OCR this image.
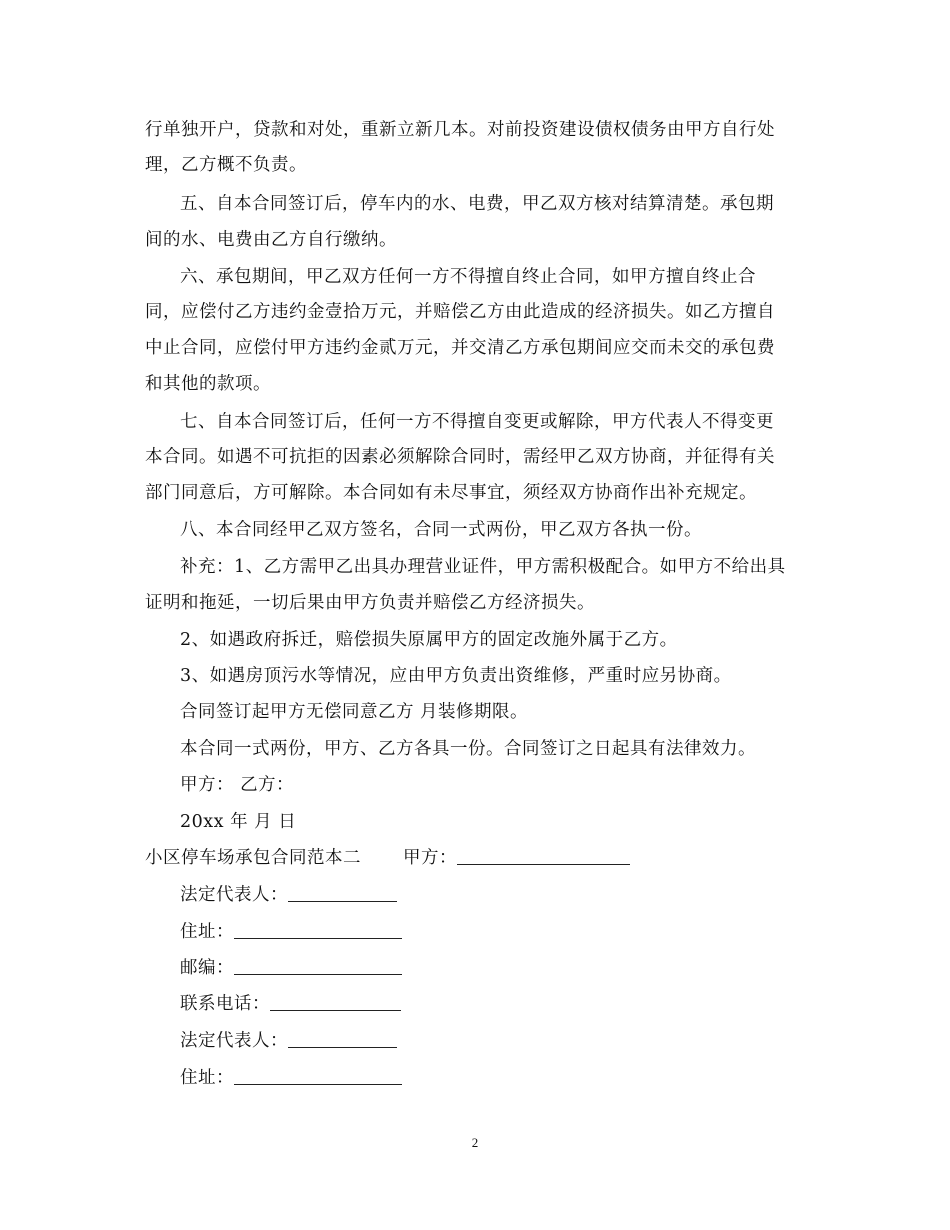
行单独开户，贷款和对处，重新立新几本。对前投资建设债权债务由甲方自行处
理，乙方概不负责。
五、自本合同签订后，停车内的水、电费，甲乙双方核对结算清楚。承包期
间的水、电费由乙方自行缴纳。
六、承包期间，甲乙双方任何一方不得擅自终止合同，如甲方擅自终止合
同，应偿付乙方违约金壹拾万元，并赔偿乙方由此造成的经济损失。如乙方擅自
中止合同，应偿付甲方违约金贰万元，并交清乙方承包期间应交而未交的承包费
和其他的款项。
七、自本合同签订后，任何一方不得擅自变更或解除，甲方代表人不得变更
本合同。如遇不可抗拒的因素必须解除合同时，需经甲乙双方协商，并征得有关
部门同意后，方可解除。本合同如有未尽事宜，须经双方协商作出补充规定。
八、本合同经甲乙双方签名，合同一式两份，甲乙双方各执一份。
补充：1、乙方需甲乙出具办理营业证件，甲方需积极配合。如甲方不给出具
证明和拖延，一切后果由甲方负责并赔偿乙方经济损失。
2、如遇政府拆迁，赔偿损失原属甲方的固定改施外属于乙方。
3、如遇房顶污水等情况，应由甲方负责出资维修，严重时应另协商。
合同签订起甲方无偿同意乙方 月装修期限。
本合同一式两份，甲方、乙方各具一份。合同签订之日起具有法律效力。
甲方： 乙方：
20xx 年 月 日
小区停车场承包合同范本二 甲方：
法定代表人：
住址：
邮编：
联系电话：
法定代表人：
住址：
2
